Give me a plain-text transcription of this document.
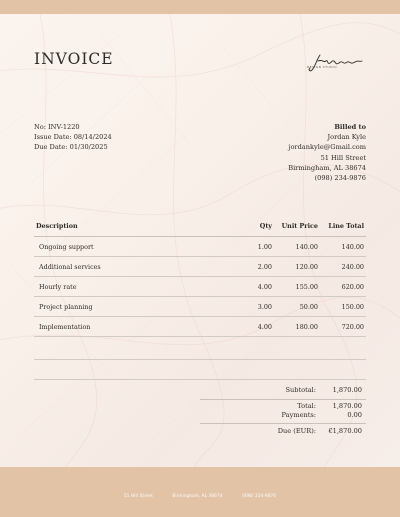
INVOICE	DESIGN STUDIO
No: INV-1220
Issue Date: 08/14/2024
Due Date: 01/30/2025
Billed to
Jordan Kyle
jordankyle@Gmail.com
51 Hill Street
Birmingham, AL 38674
(098) 234-9876
Description	Qty	Unit Price	Line Total
Ongoing support	1.00	140.00	140.00
Additional services	2.00	120.00	240.00
Hourly rate	4.00	155.00	620.00
Project planning	3.00	50.00	150.00
Implementation	4.00	180.00	720.00
Subtotal:	1,870.00
Total:	1,870.00
Payments:	0.00
Due (EUR):	€1,870.00
51 Hill Street	Birmingham, AL 38674	(098) 234-9876
